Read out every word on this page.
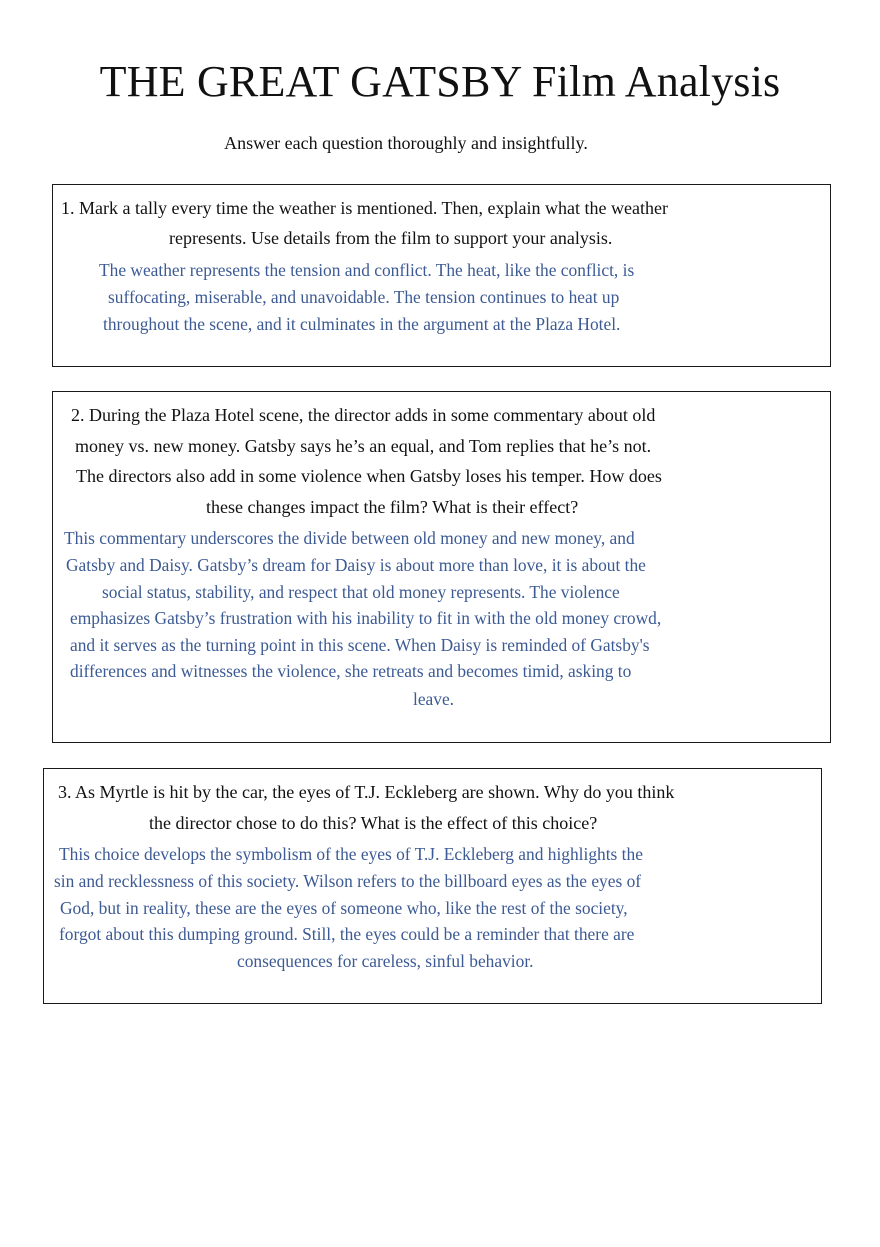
THE GREAT GATSBY Film Analysis
Answer each question thoroughly and insightfully.
1. Mark a tally every time the weather is mentioned. Then, explain what the weather
represents. Use details from the film to support your analysis.
The weather represents the tension and conflict. The heat, like the conflict, is
suffocating, miserable, and unavoidable. The tension continues to heat up
throughout the scene, and it culminates in the argument at the Plaza Hotel.
2. During the Plaza Hotel scene, the director adds in some commentary about old
money vs. new money. Gatsby says he’s an equal, and Tom replies that he’s not.
The directors also add in some violence when Gatsby loses his temper. How does
these changes impact the film? What is their effect?
This commentary underscores the divide between old money and new money, and
Gatsby and Daisy. Gatsby’s dream for Daisy is about more than love, it is about the
social status, stability, and respect that old money represents. The violence
emphasizes Gatsby’s frustration with his inability to fit in with the old money crowd,
and it serves as the turning point in this scene. When Daisy is reminded of Gatsby's
differences and witnesses the violence, she retreats and becomes timid, asking to
leave.
3. As Myrtle is hit by the car, the eyes of T.J. Eckleberg are shown. Why do you think
the director chose to do this? What is the effect of this choice?
This choice develops the symbolism of the eyes of T.J. Eckleberg and highlights the
sin and recklessness of this society. Wilson refers to the billboard eyes as the eyes of
God, but in reality, these are the eyes of someone who, like the rest of the society,
forgot about this dumping ground. Still, the eyes could be a reminder that there are
consequences for careless, sinful behavior.
